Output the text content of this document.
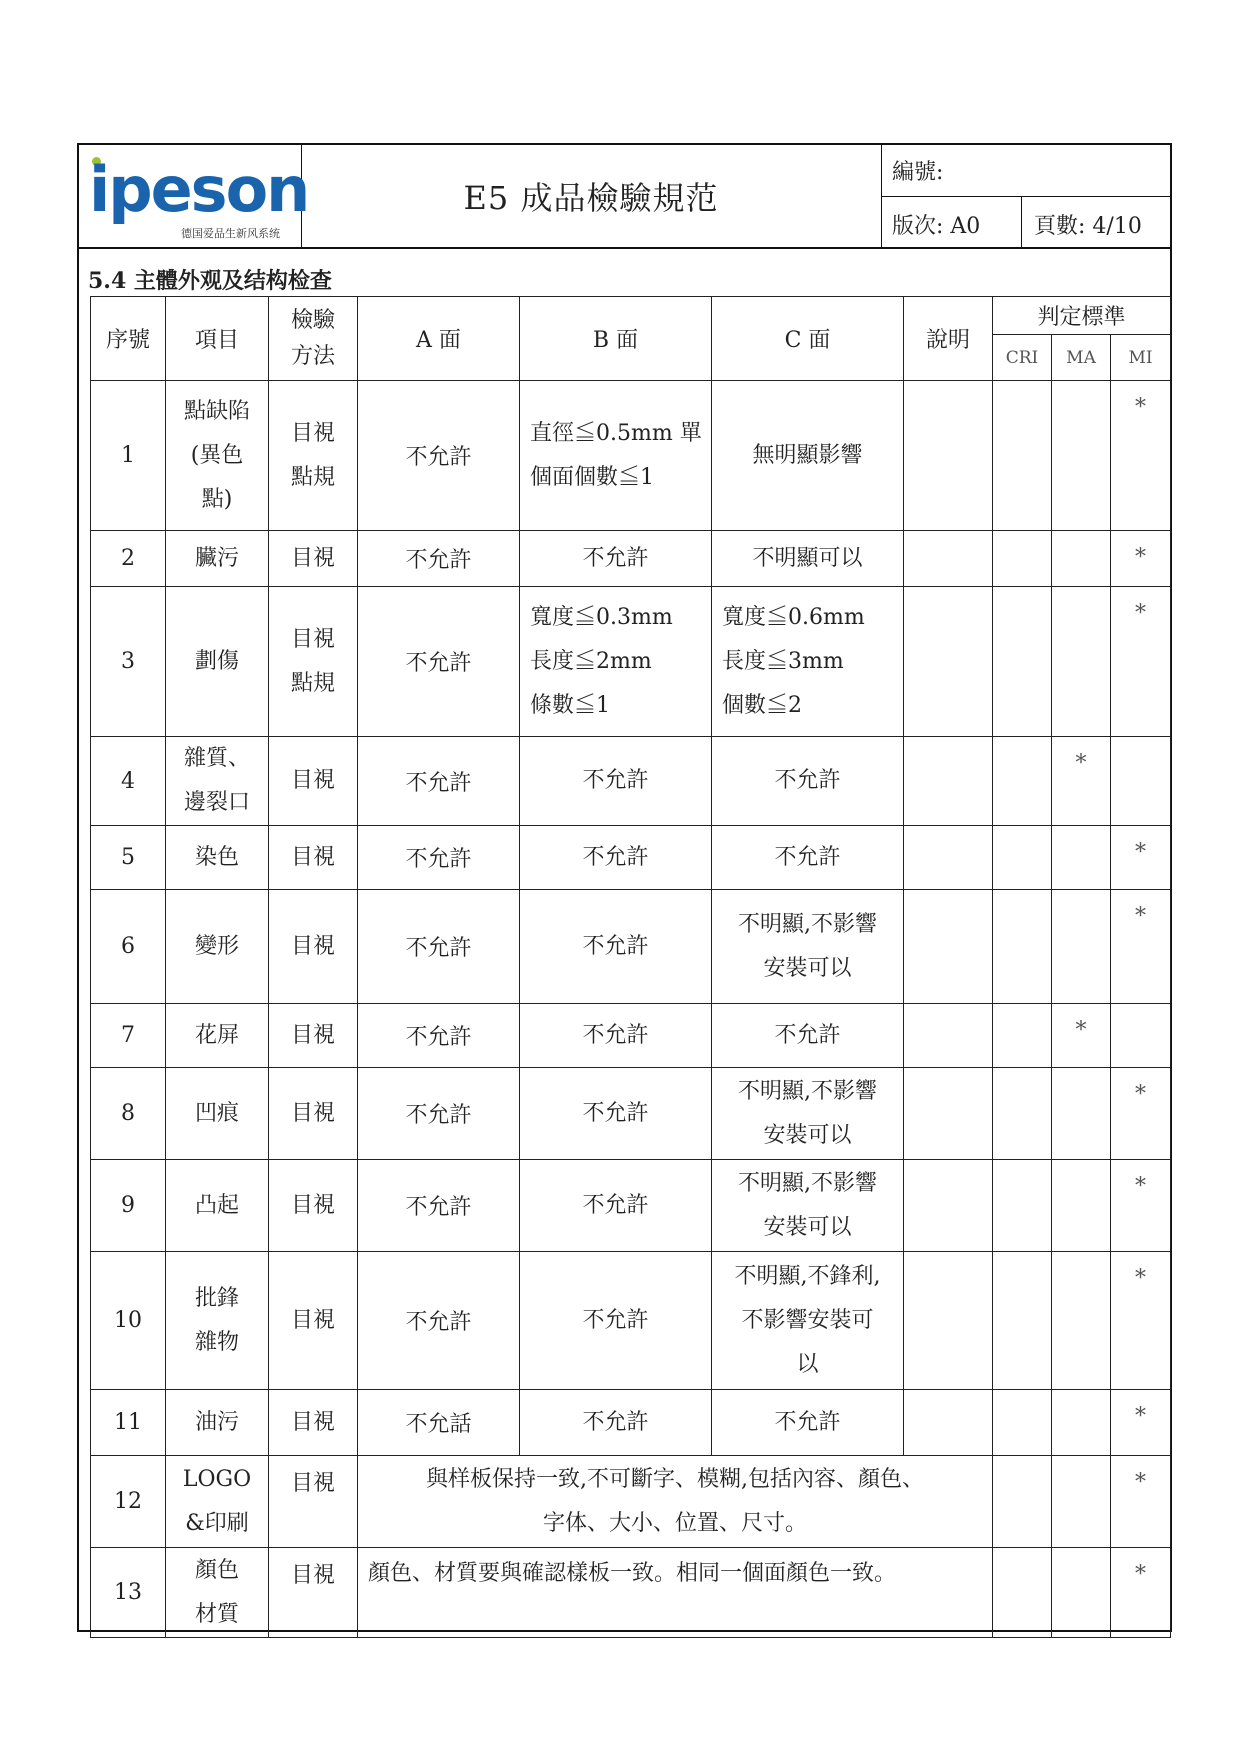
ipeson
德国爱品生新风系统
E5 成品檢驗規范
編號:
版次: A0	頁數: 4/10
5.4 主體外观及结构检查
序號	項目	檢驗方法	A 面	B 面	C 面	說明	判定標準		
							CRI	MA	MI
1	點缺陷
(異色
點)	目視
點規	不允許	直徑≦0.5mm 單
個面個數≦1	無明顯影響				*
2	臟污	目視	不允許	不允許	不明顯可以				*
3	劃傷	目視
點規	不允許	寬度≦0.3mm
長度≦2mm
條數≦1	寬度≦0.6mm
長度≦3mm
個數≦2				*
4	雜質、
邊裂口	目視	不允許	不允許	不允許			*	
5	染色	目視	不允許	不允許	不允許				*
6	變形	目視	不允許	不允許	不明顯,不影響
安裝可以				*
7	花屏	目視	不允許	不允許	不允許			*	
8	凹痕	目視	不允許	不允許	不明顯,不影響
安裝可以				*
9	凸起	目視	不允許	不允許	不明顯,不影響
安裝可以				*
10	批鋒
雜物	目視	不允許	不允許	不明顯,不鋒利,
不影響安裝可
以				*
11	油污	目視	不允話	不允許	不允許				*
12	LOGO
&印刷	目視	與样板保持一致,不可斷字、模糊,包括內容、顏色、
字体、大小、位置、尺寸。						*
13	顏色
材質	目視	顏色、材質要與確認樣板一致。相同一個面顏色一致。						*
